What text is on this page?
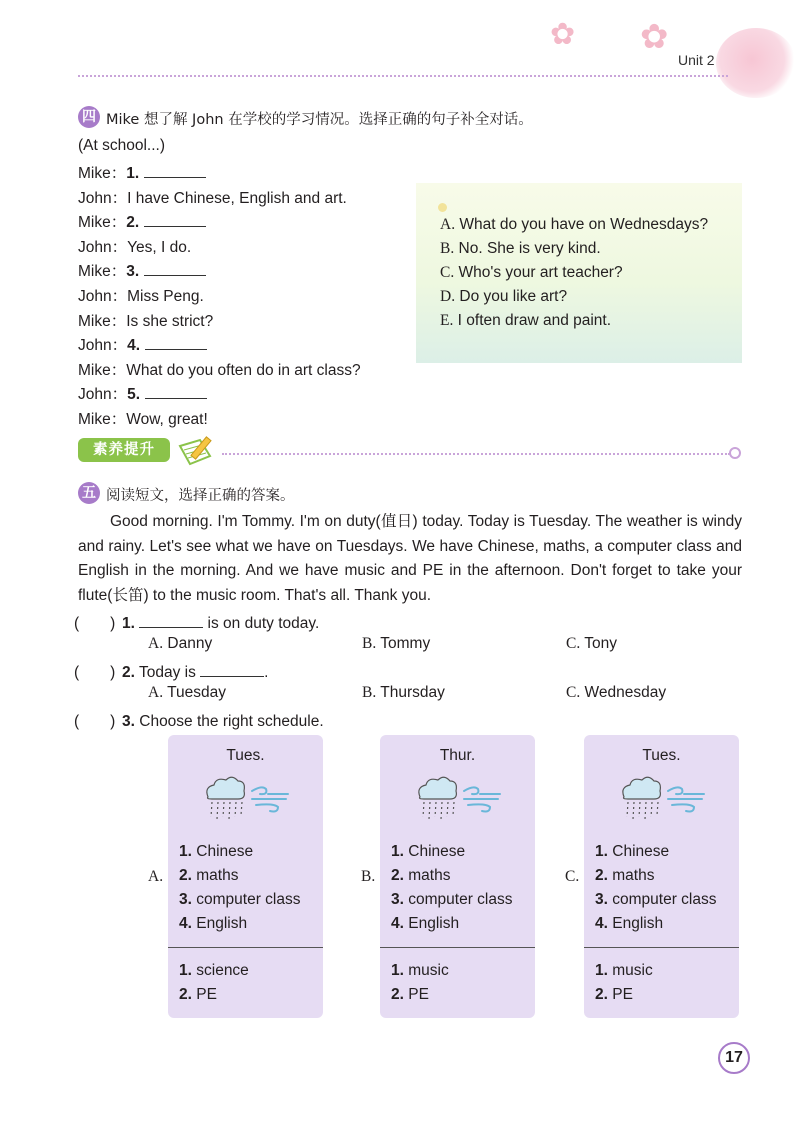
✿ ✿
Unit 2
四 Mike 想了解 John 在学校的学习情况。选择正确的句子补全对话。
(At school...)
Mike：1.
John：I have Chinese, English and art.
Mike：2.
John：Yes, I do.
Mike：3.
John：Miss Peng.
Mike：Is she strict?
John：4.
Mike：What do you often do in art class?
John：5.
Mike：Wow, great!
A. What do you have on Wednesdays?
B. No. She is very kind.
C. Who's your art teacher?
D. Do you like art?
E. I often draw and paint.
素养提升
五 阅读短文，选择正确的答案。

Good morning. I'm Tommy. I'm on duty(值日) today. Today is Tuesday. The weather is windy and rainy. Let's see what we have on Tuesdays. We have Chinese, maths, a computer class and English in the morning. And we have music and PE in the afternoon. Don't forget to take your flute(长笛) to the music room. That's all. Thank you.

(　　) 1.	is on duty today.
A. Danny	B. Tommy	C. Tony
(　　) 2. Today is	.
A. Tuesday	B. Thursday	C. Wednesday
(　　) 3. Choose the right schedule.
A.
Tues.
1. Chinese
2. maths
3. computer class
4. English
1. science
2. PE
B.
Thur.
1. Chinese
2. maths
3. computer class
4. English
1. music
2. PE
C.
Tues.
1. Chinese
2. maths
3. computer class
4. English
1. music
2. PE
17
